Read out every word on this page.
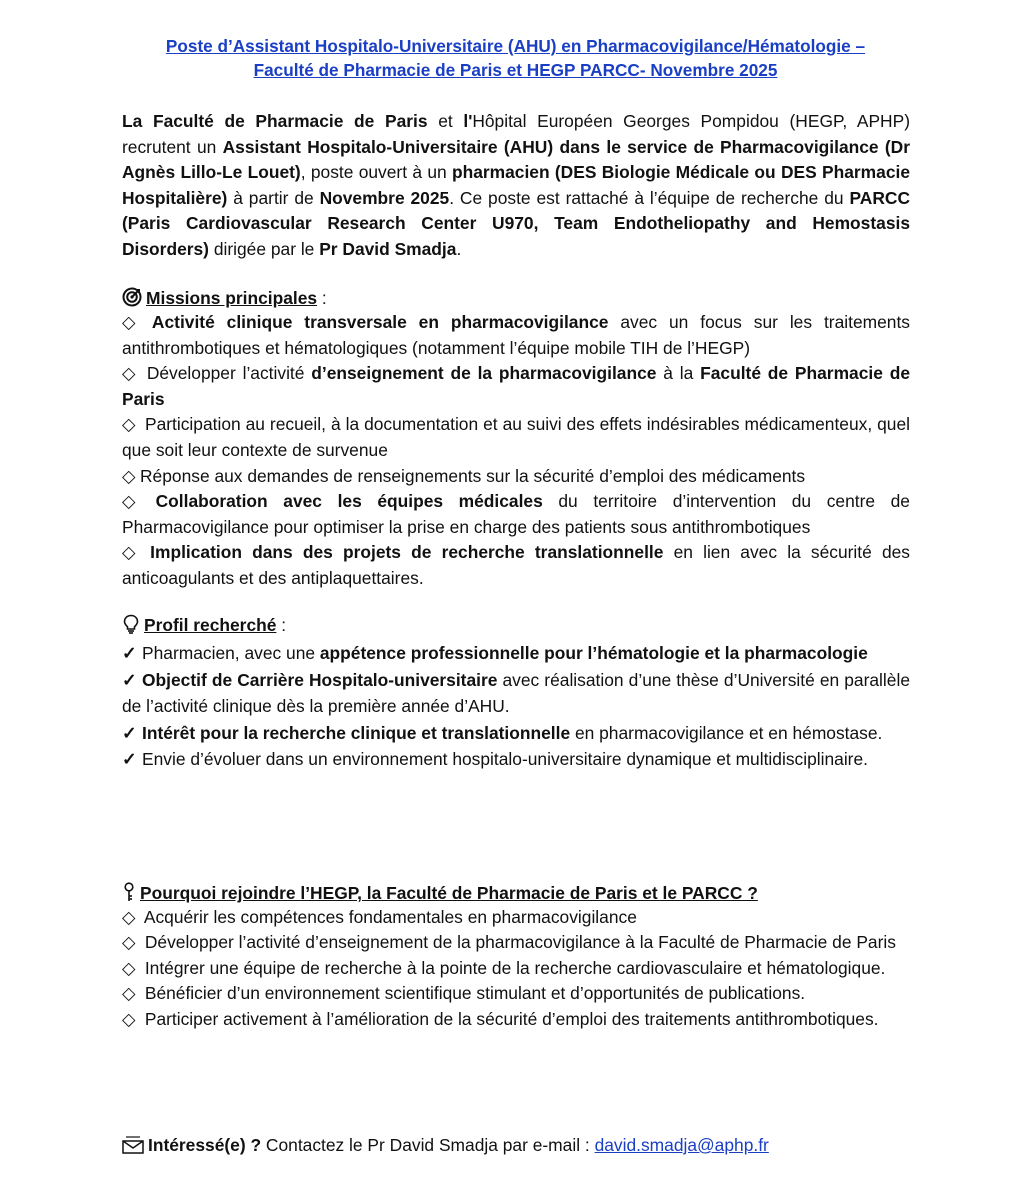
Poste d’Assistant Hospitalo-Universitaire (AHU) en Pharmacovigilance/Hématologie –
Faculté de Pharmacie de Paris et HEGP PARCC- Novembre 2025
La Faculté de Pharmacie de Paris et l'Hôpital Européen Georges Pompidou (HEGP, APHP) recrutent un Assistant Hospitalo-Universitaire (AHU) dans le service de Pharmacovigilance (Dr Agnès Lillo-Le Louet), poste ouvert à un pharmacien (DES Biologie Médicale ou DES Pharmacie Hospitalière) à partir de Novembre 2025. Ce poste est rattaché à l’équipe de recherche du PARCC (Paris Cardiovascular Research Center U970, Team Endotheliopathy and Hemostasis Disorders) dirigée par le Pr David Smadja.
Missions principales :
◇ Activité clinique transversale en pharmacovigilance avec un focus sur les traitements antithrombotiques et hématologiques (notamment l’équipe mobile TIH de l’HEGP)
◇ Développer l’activité d’enseignement de la pharmacovigilance à la Faculté de Pharmacie de Paris
◇ Participation au recueil, à la documentation et au suivi des effets indésirables médicamenteux, quel que soit leur contexte de survenue
◇ Réponse aux demandes de renseignements sur la sécurité d’emploi des médicaments
◇ Collaboration avec les équipes médicales du territoire d’intervention du centre de Pharmacovigilance pour optimiser la prise en charge des patients sous antithrombotiques
◇ Implication dans des projets de recherche translationnelle en lien avec la sécurité des anticoagulants et des antiplaquettaires.
Profil recherché :
✓ Pharmacien, avec une appétence professionnelle pour l’hématologie et la pharmacologie
✓ Objectif de Carrière Hospitalo-universitaire avec réalisation d’une thèse d’Université en parallèle de l’activité clinique dès la première année d’AHU.
✓ Intérêt pour la recherche clinique et translationnelle en pharmacovigilance et en hémostase.
✓ Envie d’évoluer dans un environnement hospitalo-universitaire dynamique et multidisciplinaire.
Pourquoi rejoindre l’HEGP, la Faculté de Pharmacie de Paris et le PARCC ?
◇ Acquérir les compétences fondamentales en pharmacovigilance
◇ Développer l’activité d’enseignement de la pharmacovigilance à la Faculté de Pharmacie de Paris
◇ Intégrer une équipe de recherche à la pointe de la recherche cardiovasculaire et hématologique.
◇ Bénéficier d’un environnement scientifique stimulant et d’opportunités de publications.
◇ Participer activement à l’amélioration de la sécurité d’emploi des traitements antithrombotiques.
Intéressé(e) ? Contactez le Pr David Smadja par e-mail : david.smadja@aphp.fr
